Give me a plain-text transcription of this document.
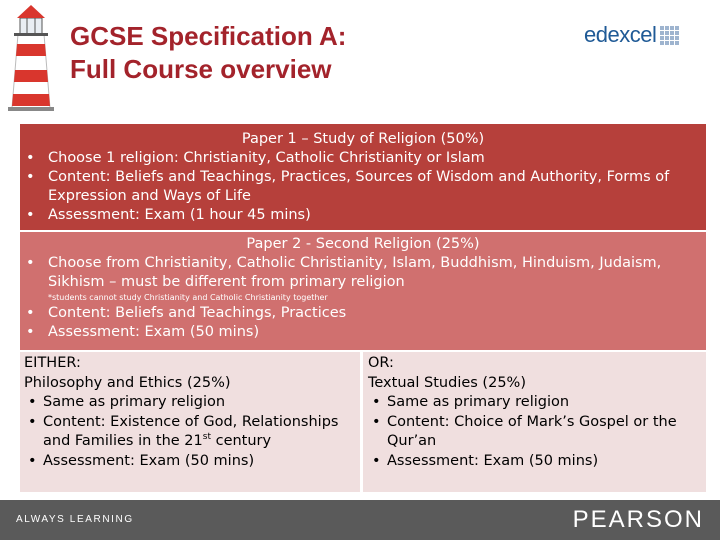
GCSE Specification A:
Full Course overview
edexcel
Paper 1 – Study of Religion (50%)
• Choose 1 religion: Christianity, Catholic Christianity or Islam
• Content: Beliefs and Teachings, Practices, Sources of Wisdom and Authority, Forms of Expression and Ways of Life
• Assessment: Exam (1 hour 45 mins)
Paper 2 - Second Religion (25%)
• Choose from Christianity, Catholic Christianity, Islam, Buddhism, Hinduism, Judaism, Sikhism – must be different from primary religion
*students cannot study Christianity and Catholic Christianity together
• Content: Beliefs and Teachings, Practices
• Assessment: Exam (50 mins)
EITHER:
Philosophy and Ethics (25%)
• Same as primary religion
• Content: Existence of God, Relationships and Families in the 21st century
• Assessment: Exam (50 mins)
OR:
Textual Studies (25%)
• Same as primary religion
• Content: Choice of Mark’s Gospel or the Qur’an
• Assessment: Exam (50 mins)
ALWAYS LEARNING	PEARSON
